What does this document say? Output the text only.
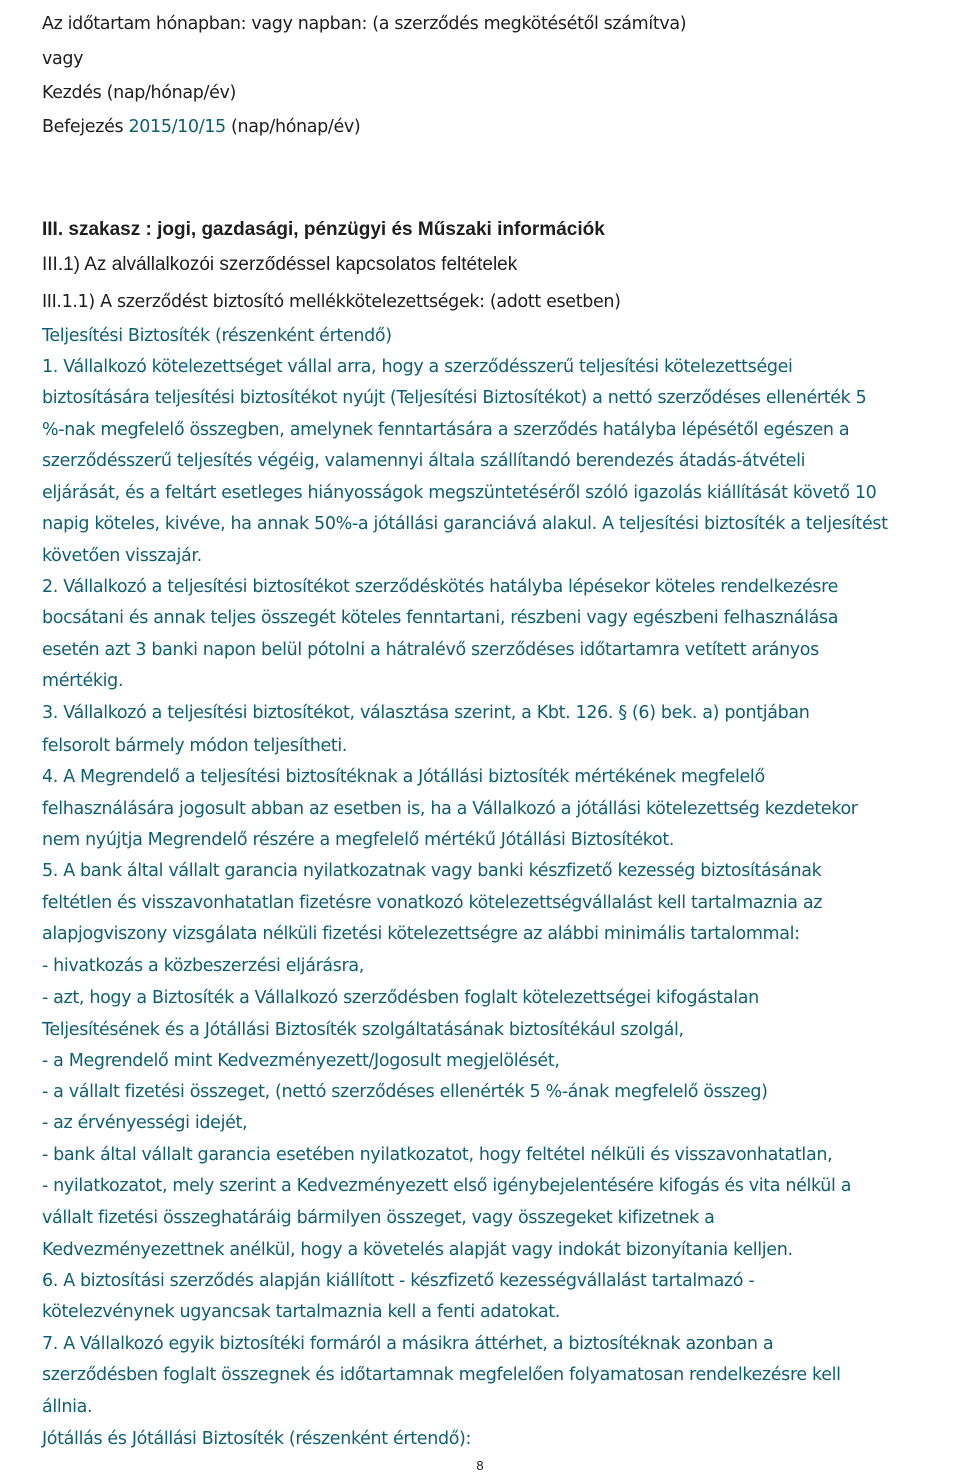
Az időtartam hónapban: vagy napban: (a szerződés megkötésétől számítva)
vagy
Kezdés (nap/hónap/év)
Befejezés 2015/10/15 (nap/hónap/év)
III. szakasz : jogi, gazdasági, pénzügyi és Műszaki információk
III.1) Az alvállalkozói szerződéssel kapcsolatos feltételek
III.1.1) A szerződést biztosító mellékkötelezettségek: (adott esetben)
Teljesítési Biztosíték (részenként értendő)
1. Vállalkozó kötelezettséget vállal arra, hogy a szerződésszerű teljesítési kötelezettségei
biztosítására teljesítési biztosítékot nyújt (Teljesítési Biztosítékot) a nettó szerződéses ellenérték 5
%-nak megfelelő összegben, amelynek fenntartására a szerződés hatályba lépésétől egészen a
szerződésszerű teljesítés végéig, valamennyi általa szállítandó berendezés átadás-átvételi
eljárását, és a feltárt esetleges hiányosságok megszüntetéséről szóló igazolás kiállítását követő 10
napig köteles, kivéve, ha annak 50%-a jótállási garanciává alakul. A teljesítési biztosíték a teljesítést
követően visszajár.
2. Vállalkozó a teljesítési biztosítékot szerződéskötés hatályba lépésekor köteles rendelkezésre
bocsátani és annak teljes összegét köteles fenntartani, részbeni vagy egészbeni felhasználása
esetén azt 3 banki napon belül pótolni a hátralévő szerződéses időtartamra vetített arányos
mértékig.
3. Vállalkozó a teljesítési biztosítékot, választása szerint, a Kbt. 126. § (6) bek. a) pontjában
felsorolt bármely módon teljesítheti.
4. A Megrendelő a teljesítési biztosítéknak a Jótállási biztosíték mértékének megfelelő
felhasználására jogosult abban az esetben is, ha a Vállalkozó a jótállási kötelezettség kezdetekor
nem nyújtja Megrendelő részére a megfelelő mértékű Jótállási Biztosítékot.
5. A bank által vállalt garancia nyilatkozatnak vagy banki készfizető kezesség biztosításának
feltétlen és visszavonhatatlan fizetésre vonatkozó kötelezettségvállalást kell tartalmaznia az
alapjogviszony vizsgálata nélküli fizetési kötelezettségre az alábbi minimális tartalommal:
- hivatkozás a közbeszerzési eljárásra,
- azt, hogy a Biztosíték a Vállalkozó szerződésben foglalt kötelezettségei kifogástalan
Teljesítésének és a Jótállási Biztosíték szolgáltatásának biztosítékául szolgál,
- a Megrendelő mint Kedvezményezett/Jogosult megjelölését,
- a vállalt fizetési összeget, (nettó szerződéses ellenérték 5 %-ának megfelelő összeg)
- az érvényességi idejét,
- bank által vállalt garancia esetében nyilatkozatot, hogy feltétel nélküli és visszavonhatatlan,
- nyilatkozatot, mely szerint a Kedvezményezett első igénybejelentésére kifogás és vita nélkül a
vállalt fizetési összeghatáráig bármilyen összeget, vagy összegeket kifizetnek a
Kedvezményezettnek anélkül, hogy a követelés alapját vagy indokát bizonyítania kelljen.
6. A biztosítási szerződés alapján kiállított - készfizető kezességvállalást tartalmazó -
kötelezvénynek ugyancsak tartalmaznia kell a fenti adatokat.
7. A Vállalkozó egyik biztosítéki formáról a másikra áttérhet, a biztosítéknak azonban a
szerződésben foglalt összegnek és időtartamnak megfelelően folyamatosan rendelkezésre kell
állnia.
Jótállás és Jótállási Biztosíték (részenként értendő):
8
